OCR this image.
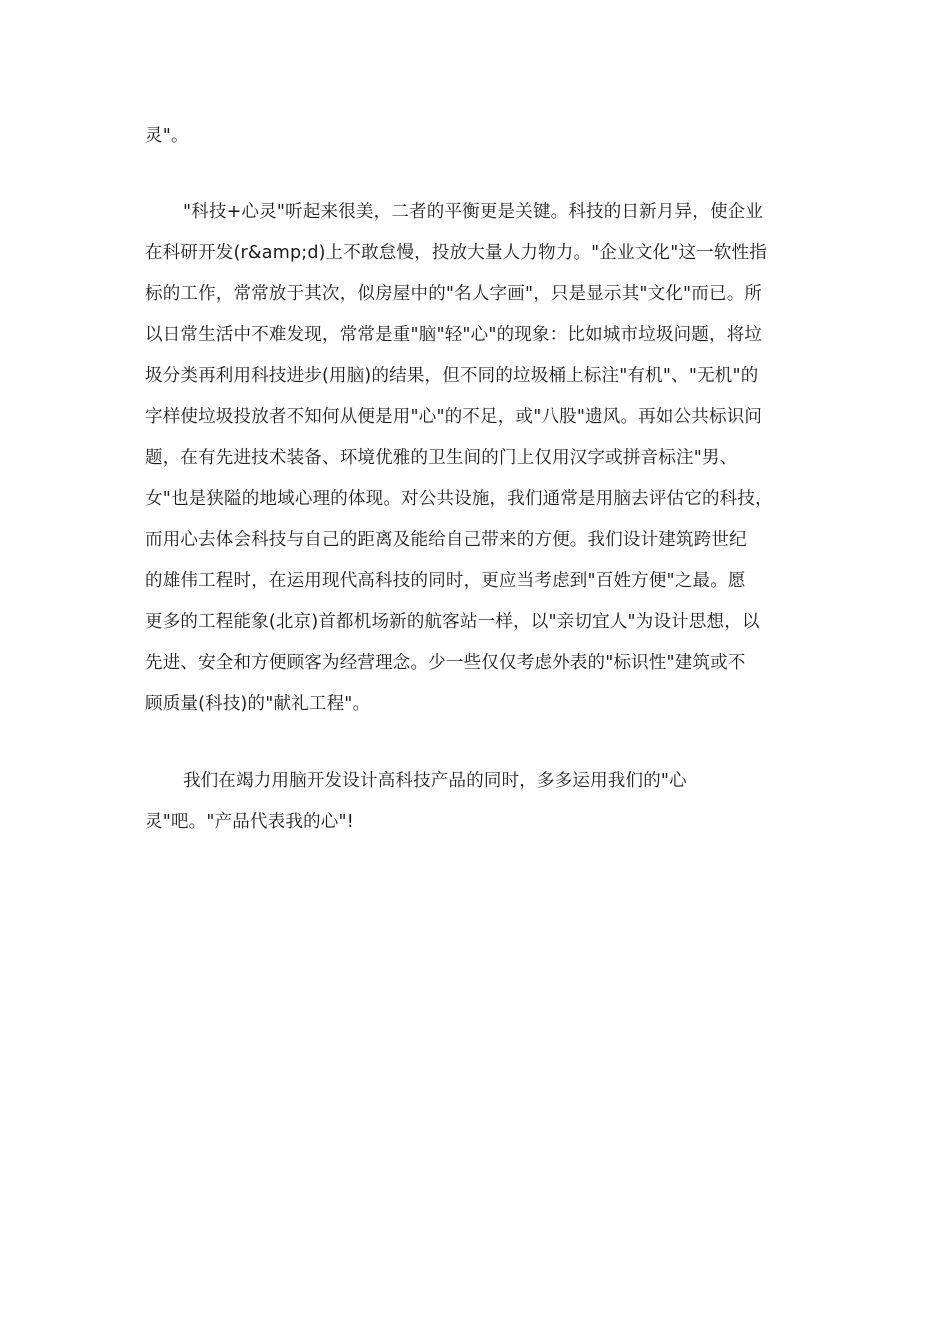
灵"。
"科技+心灵"听起来很美，二者的平衡更是关键。科技的日新月异，使企业
在科研开发(r&amp;d)上不敢怠慢，投放大量人力物力。"企业文化"这一软性指
标的工作，常常放于其次，似房屋中的"名人字画"，只是显示其"文化"而已。所
以日常生活中不难发现，常常是重"脑"轻"心"的现象：比如城市垃圾问题，将垃
圾分类再利用科技进步(用脑)的结果，但不同的垃圾桶上标注"有机"、"无机"的
字样使垃圾投放者不知何从便是用"心"的不足，或"八股"遗风。再如公共标识问
题，在有先进技术装备、环境优雅的卫生间的门上仅用汉字或拼音标注"男、
女"也是狭隘的地域心理的体现。对公共设施，我们通常是用脑去评估它的科技，
而用心去体会科技与自己的距离及能给自己带来的方便。我们设计建筑跨世纪
的雄伟工程时，在运用现代高科技的同时，更应当考虑到"百姓方便"之最。愿
更多的工程能象(北京)首都机场新的航客站一样，以"亲切宜人"为设计思想，以
先进、安全和方便顾客为经营理念。少一些仅仅考虑外表的"标识性"建筑或不
顾质量(科技)的"献礼工程"。
我们在竭力用脑开发设计高科技产品的同时，多多运用我们的"心
灵"吧。"产品代表我的心"!
